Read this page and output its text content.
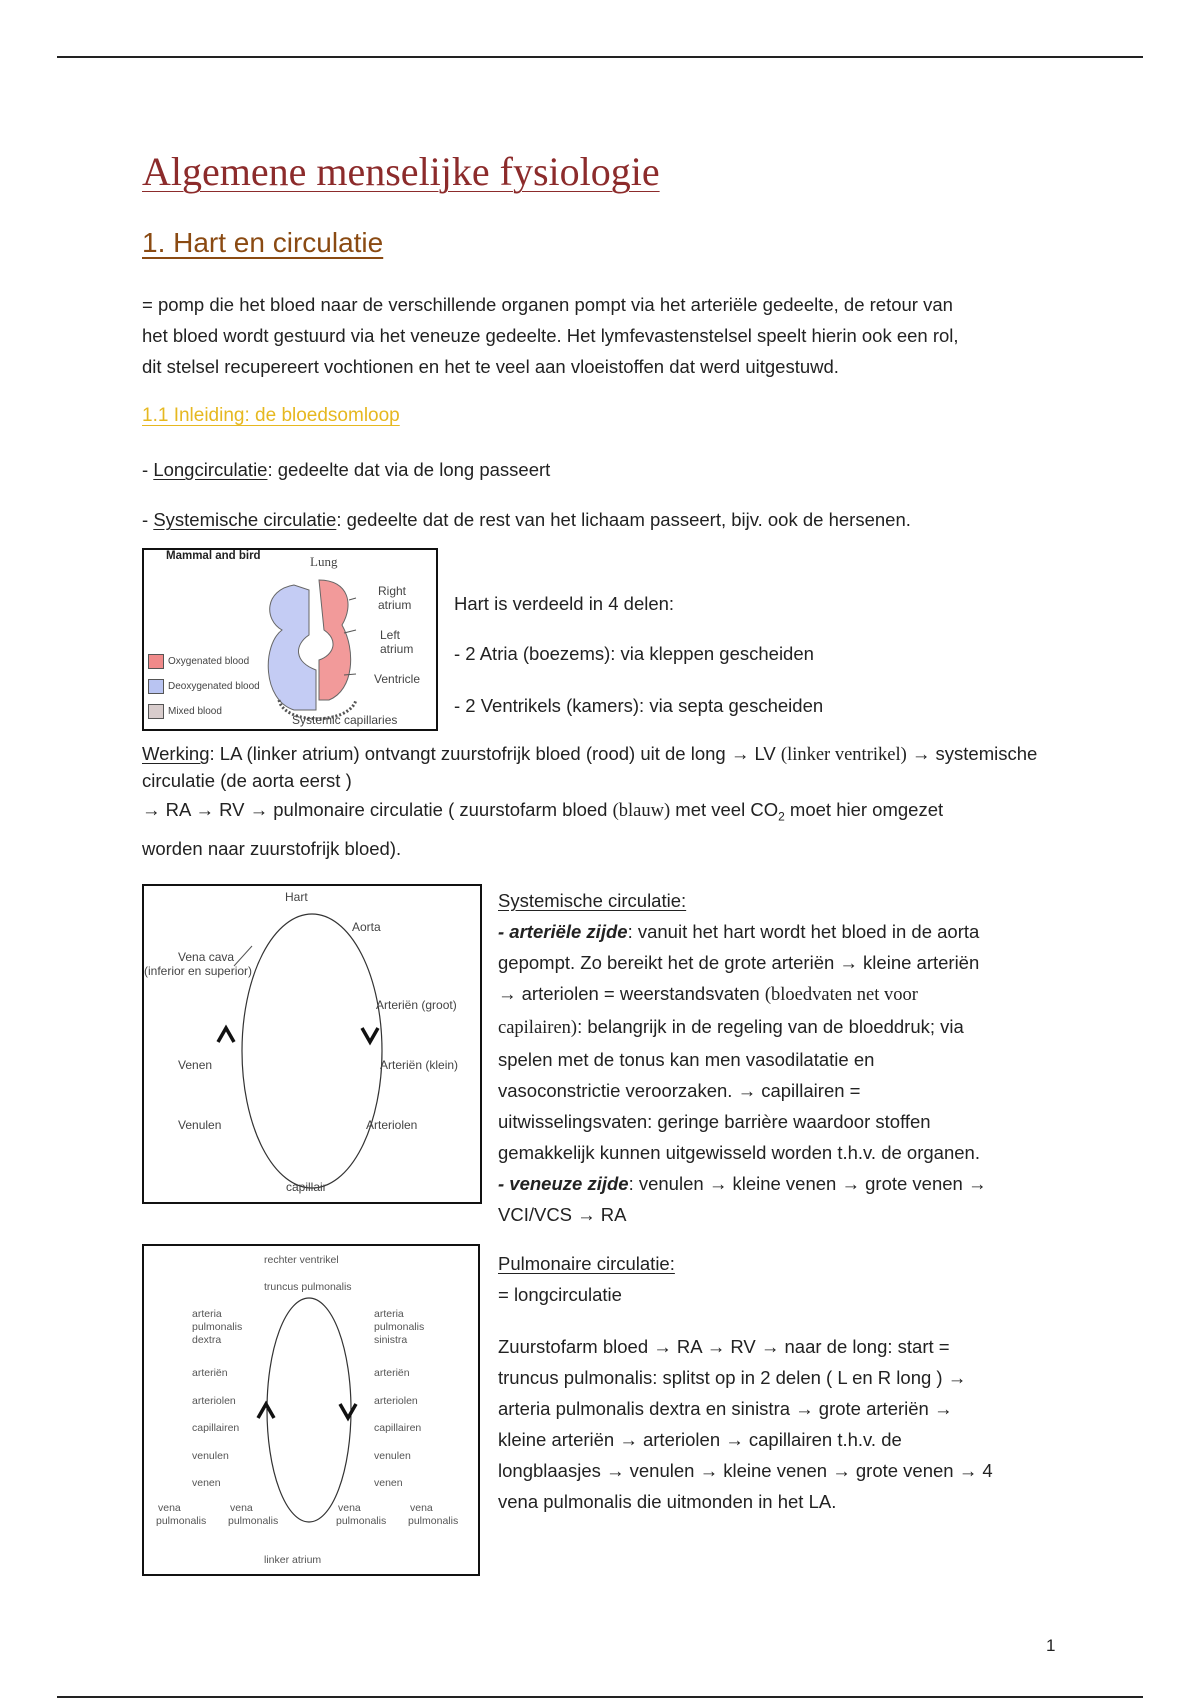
Algemene menselijke fysiologie
1. Hart en circulatie
= pomp die het bloed naar de verschillende organen pompt via het arteriële gedeelte, de retour van
het bloed wordt gestuurd via het veneuze gedeelte. Het lymfevastenstelsel speelt hierin ook een rol,
dit stelsel recupereert vochtionen en het te veel aan vloeistoffen dat werd uitgestuwd.
1.1 Inleiding: de bloedsomloop
- Longcirculatie: gedeelte dat via de long passeert
- Systemische circulatie: gedeelte dat de rest van het lichaam passeert, bijv. ook de hersenen.
Mammal and bird	Lung
Right
atrium
Left
atrium
Ventricle
Systemic capillaries
Oxygenated blood
Deoxygenated blood
Mixed blood
Hart is verdeeld in 4 delen:
- 2 Atria (boezems): via kleppen gescheiden
- 2 Ventrikels (kamers): via septa gescheiden
Werking: LA (linker atrium) ontvangt zuurstofrijk bloed (rood) uit de long → LV (linker ventrikel) → systemische
circulatie (de aorta eerst )
→ RA → RV → pulmonaire circulatie ( zuurstofarm bloed (blauw) met veel $CO_2$ moet hier omgezet
worden naar zuurstofrijk bloed).
Hart
Aorta
Vena cava
(inferior en superior)
Arteriën (groot)
Venen	Arteriën (klein)
Venulen	Arteriolen
capillair
Systemische circulatie:
- arteriële zijde: vanuit het hart wordt het bloed in de aorta
gepompt. Zo bereikt het de grote arteriën → kleine arteriën
→ arteriolen = weerstandsvaten (bloedvaten net voor
capilairen): belangrijk in de regeling van de bloeddruk; via
spelen met de tonus kan men vasodilatatie en
vasoconstrictie veroorzaken. → capillairen =
uitwisselingsvaten: geringe barrière waardoor stoffen
gemakkelijk kunnen uitgewisseld worden t.h.v. de organen.
- veneuze zijde: venulen → kleine venen → grote venen →
VCI/VCS → RA
rechter ventrikel
truncus pulmonalis
arteria
pulmonalis
dextra
arteria
pulmonalis
sinistra
arteriën
arteriolen
capillairen
venulen
venen
arteriën
arteriolen
capillairen
venulen
venen
vena
pulmonalis
vena
pulmonalis
vena
pulmonalis
vena
pulmonalis
linker atrium
Pulmonaire circulatie:
= longcirculatie
Zuurstofarm bloed → RA → RV → naar de long: start =
truncus pulmonalis: splitst op in 2 delen ( L en R long ) →
arteria pulmonalis dextra en sinistra → grote arteriën →
kleine arteriën → arteriolen → capillairen t.h.v. de
longblaasjes → venulen → kleine venen → grote venen → 4
vena pulmonalis die uitmonden in het LA.
1
